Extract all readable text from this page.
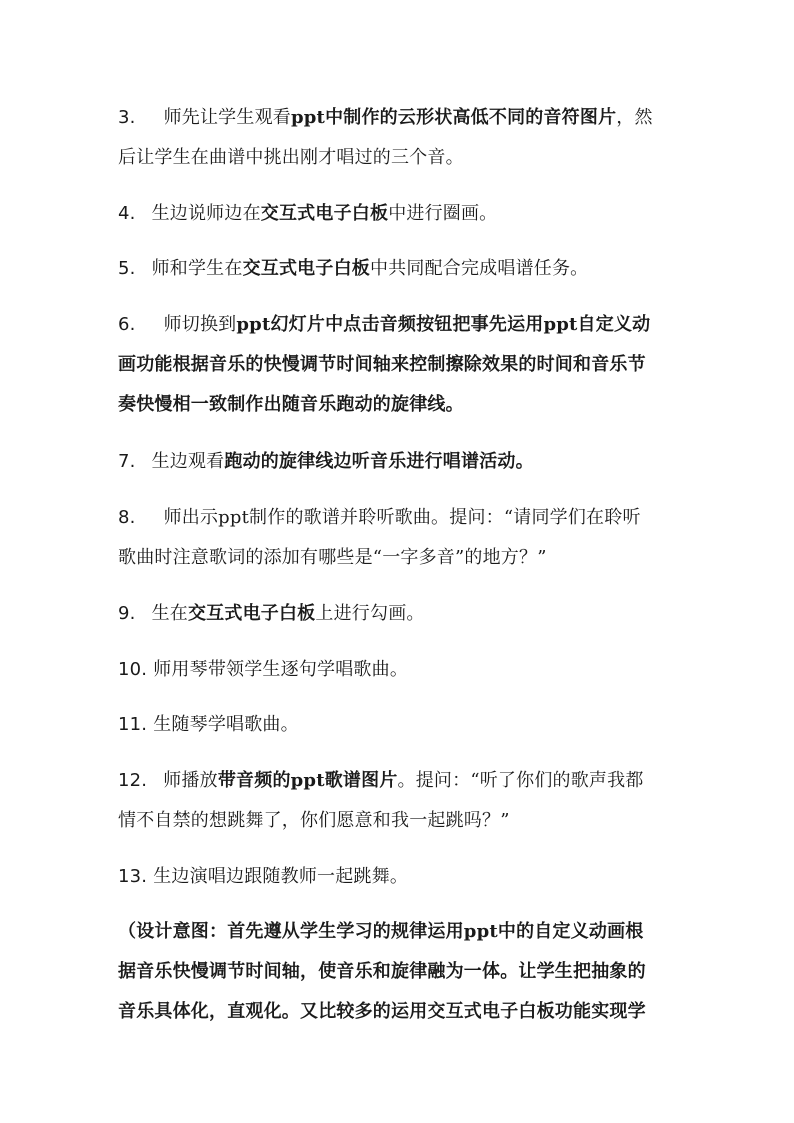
3. 师先让学生观看ppt中制作的云形状高低不同的音符图片，然
后让学生在曲谱中挑出刚才唱过的三个音。
4. 生边说师边在交互式电子白板中进行圈画。
5. 师和学生在交互式电子白板中共同配合完成唱谱任务。
6. 师切换到ppt幻灯片中点击音频按钮把事先运用ppt自定义动
画功能根据音乐的快慢调节时间轴来控制擦除效果的时间和音乐节
奏快慢相一致制作出随音乐跑动的旋律线。
7. 生边观看跑动的旋律线边听音乐进行唱谱活动。
8. 师出示ppt制作的歌谱并聆听歌曲。提问：“请同学们在聆听
歌曲时注意歌词的添加有哪些是“一字多音”的地方？”
9. 生在交互式电子白板上进行勾画。
10. 师用琴带领学生逐句学唱歌曲。
11. 生随琴学唱歌曲。
12. 师播放带音频的ppt歌谱图片。提问：“听了你们的歌声我都
情不自禁的想跳舞了，你们愿意和我一起跳吗？”
13. 生边演唱边跟随教师一起跳舞。
（设计意图：首先遵从学生学习的规律运用ppt中的自定义动画根
据音乐快慢调节时间轴，使音乐和旋律融为一体。让学生把抽象的
音乐具体化，直观化。又比较多的运用交互式电子白板功能实现学
